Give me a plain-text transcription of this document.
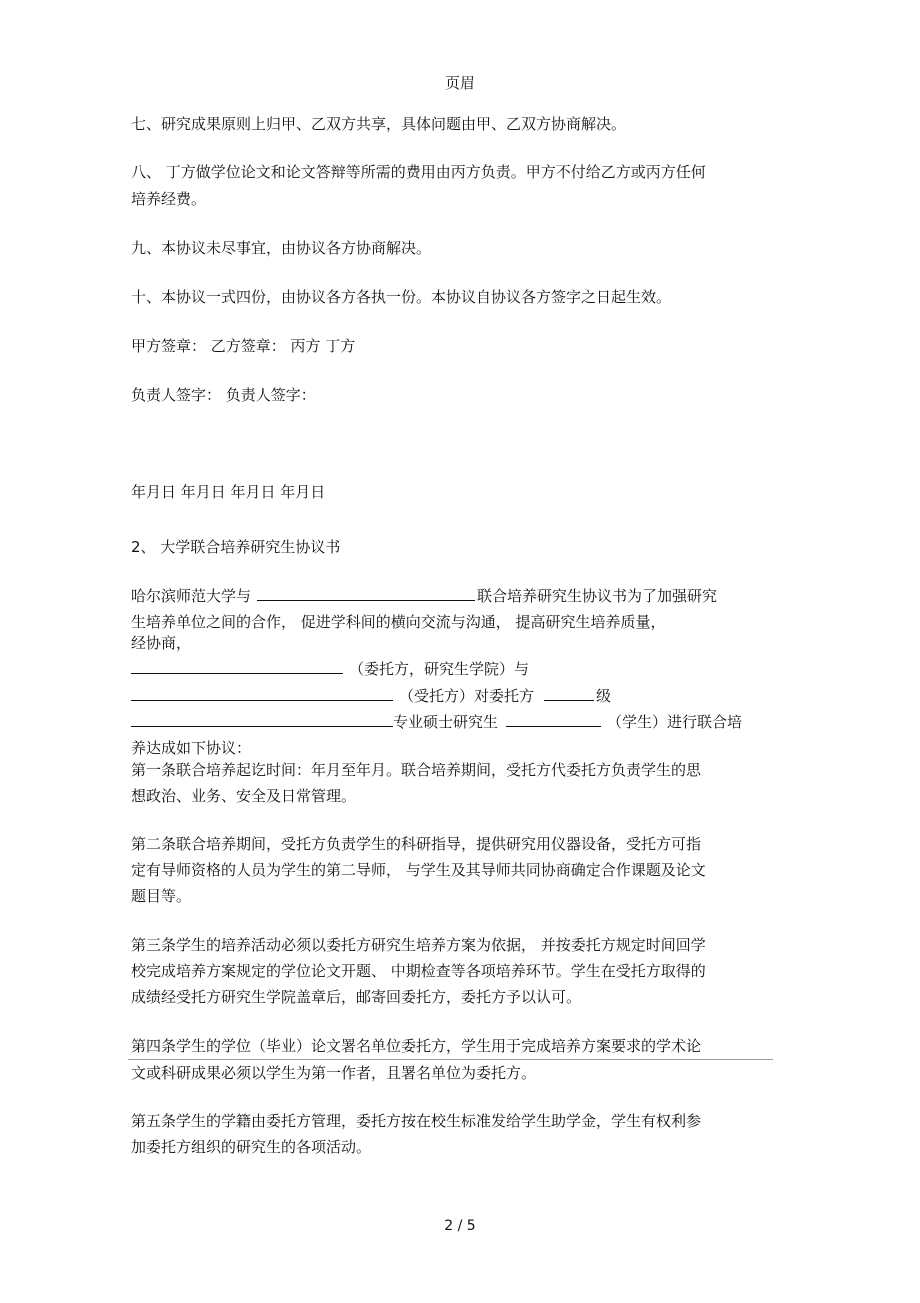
页眉
七、研究成果原则上归甲、乙双方共享，具体问题由甲、乙双方协商解决。
八、 丁方做学位论文和论文答辩等所需的费用由丙方负责。甲方不付给乙方或丙方任何
培养经费。
九、本协议未尽事宜，由协议各方协商解决。
十、本协议一式四份，由协议各方各执一份。本协议自协议各方签字之日起生效。
甲方签章： 乙方签章： 丙方 丁方
负责人签字： 负责人签字：
年月日 年月日 年月日 年月日
2、 大学联合培养研究生协议书
哈尔滨师范大学与	联合培养研究生协议书为了加强研究
生培养单位之间的合作， 促进学科间的横向交流与沟通， 提高研究生培养质量，
经协商，
（委托方，研究生学院）与
（受托方）对委托方	级
专业硕士研究生	（学生）进行联合培
养达成如下协议：
第一条联合培养起讫时间：年月至年月。联合培养期间，受托方代委托方负责学生的思
想政治、业务、安全及日常管理。
第二条联合培养期间，受托方负责学生的科研指导，提供研究用仪器设备，受托方可指
定有导师资格的人员为学生的第二导师， 与学生及其导师共同协商确定合作课题及论文
题目等。
第三条学生的培养活动必须以委托方研究生培养方案为依据， 并按委托方规定时间回学
校完成培养方案规定的学位论文开题、 中期检查等各项培养环节。学生在受托方取得的
成绩经受托方研究生学院盖章后，邮寄回委托方，委托方予以认可。
第四条学生的学位（毕业）论文署名单位委托方，学生用于完成培养方案要求的学术论
文或科研成果必须以学生为第一作者，且署名单位为委托方。
第五条学生的学籍由委托方管理，委托方按在校生标准发给学生助学金，学生有权利参
加委托方组织的研究生的各项活动。
2 / 5
